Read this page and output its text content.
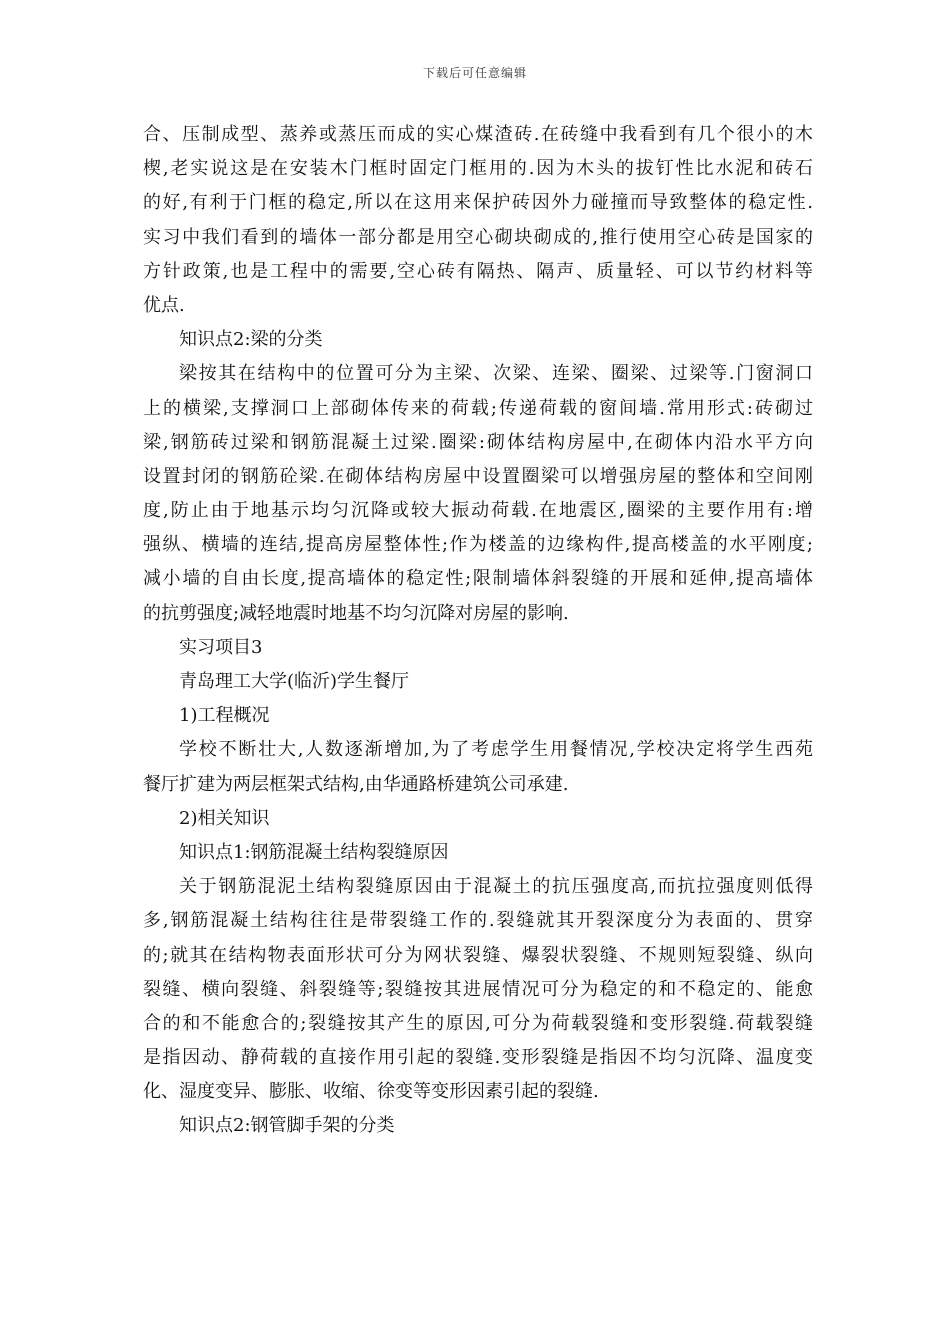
下载后可任意编辑
合、压制成型、蒸养或蒸压而成的实心煤渣砖.在砖缝中我看到有几个很小的木
楔,老实说这是在安装木门框时固定门框用的.因为木头的拔钉性比水泥和砖石
的好,有利于门框的稳定,所以在这用来保护砖因外力碰撞而导致整体的稳定性.
实习中我们看到的墙体一部分都是用空心砌块砌成的,推行使用空心砖是国家的
方针政策,也是工程中的需要,空心砖有隔热、隔声、质量轻、可以节约材料等
优点.
知识点2:梁的分类
梁按其在结构中的位置可分为主梁、次梁、连梁、圈梁、过梁等.门窗洞口
上的横梁,支撑洞口上部砌体传来的荷载;传递荷载的窗间墙.常用形式:砖砌过
梁,钢筋砖过梁和钢筋混凝土过梁.圈梁:砌体结构房屋中,在砌体内沿水平方向
设置封闭的钢筋砼梁.在砌体结构房屋中设置圈梁可以增强房屋的整体和空间刚
度,防止由于地基示均匀沉降或较大振动荷载.在地震区,圈梁的主要作用有:增
强纵、横墙的连结,提高房屋整体性;作为楼盖的边缘构件,提高楼盖的水平刚度;
减小墙的自由长度,提高墙体的稳定性;限制墙体斜裂缝的开展和延伸,提高墙体
的抗剪强度;减轻地震时地基不均匀沉降对房屋的影响.
实习项目3
青岛理工大学(临沂)学生餐厅
1)工程概况
学校不断壮大,人数逐渐增加,为了考虑学生用餐情况,学校决定将学生西苑
餐厅扩建为两层框架式结构,由华通路桥建筑公司承建.
2)相关知识
知识点1:钢筋混凝土结构裂缝原因
关于钢筋混泥土结构裂缝原因由于混凝土的抗压强度高,而抗拉强度则低得
多,钢筋混凝土结构往往是带裂缝工作的.裂缝就其开裂深度分为表面的、贯穿
的;就其在结构物表面形状可分为网状裂缝、爆裂状裂缝、不规则短裂缝、纵向
裂缝、横向裂缝、斜裂缝等;裂缝按其进展情况可分为稳定的和不稳定的、能愈
合的和不能愈合的;裂缝按其产生的原因,可分为荷载裂缝和变形裂缝.荷载裂缝
是指因动、静荷载的直接作用引起的裂缝.变形裂缝是指因不均匀沉降、温度变
化、湿度变异、膨胀、收缩、徐变等变形因素引起的裂缝.
知识点2:钢管脚手架的分类
